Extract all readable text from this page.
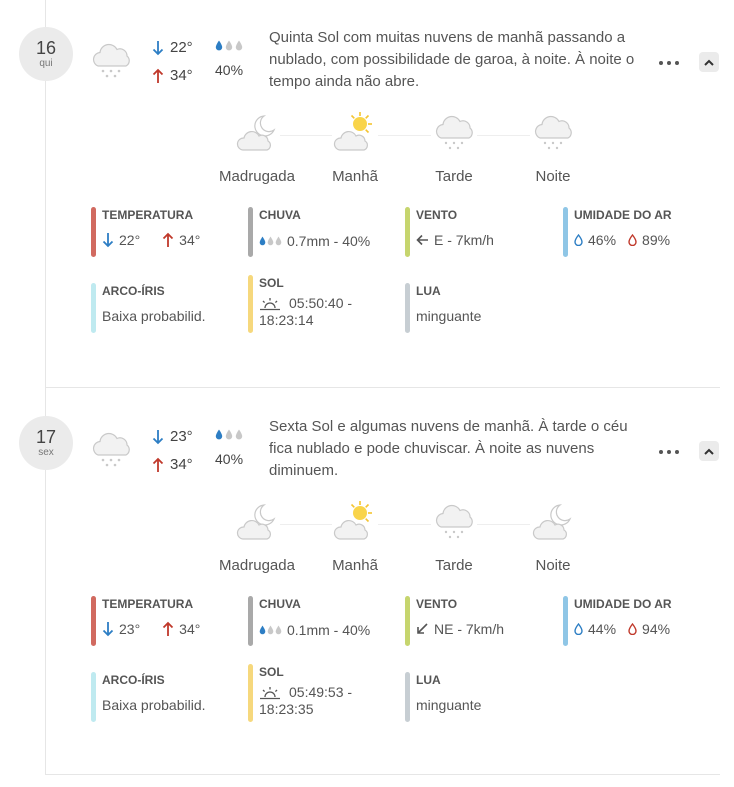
16
qui
22°
34° 40%

Quinta Sol com muitas nuvens de manhã passando a nublado, com possibilidade de garoa, à noite. À noite o tempo ainda não abre.

Madrugada	Manhã	Tarde	Noite
TEMPERATURA
22°	34°
CHUVA
0.7mm - 40%
VENTO
E - 7km/h
UMIDADE DO AR
46% 89%
ARCO-ÍRIS
Baixa probabilid.
SOL
05:50:40 -
18:23:14
LUA
minguante
17
sex
23°
34° 40%

Sexta Sol e algumas nuvens de manhã. À tarde o céu fica nublado e pode chuviscar. À noite as nuvens diminuem.

Madrugada	Manhã	Tarde	Noite
TEMPERATURA
23°	34°
CHUVA
0.1mm - 40%
VENTO
NE - 7km/h
UMIDADE DO AR
44% 94%
ARCO-ÍRIS
Baixa probabilid.
SOL
05:49:53 -
18:23:35
LUA
minguante
